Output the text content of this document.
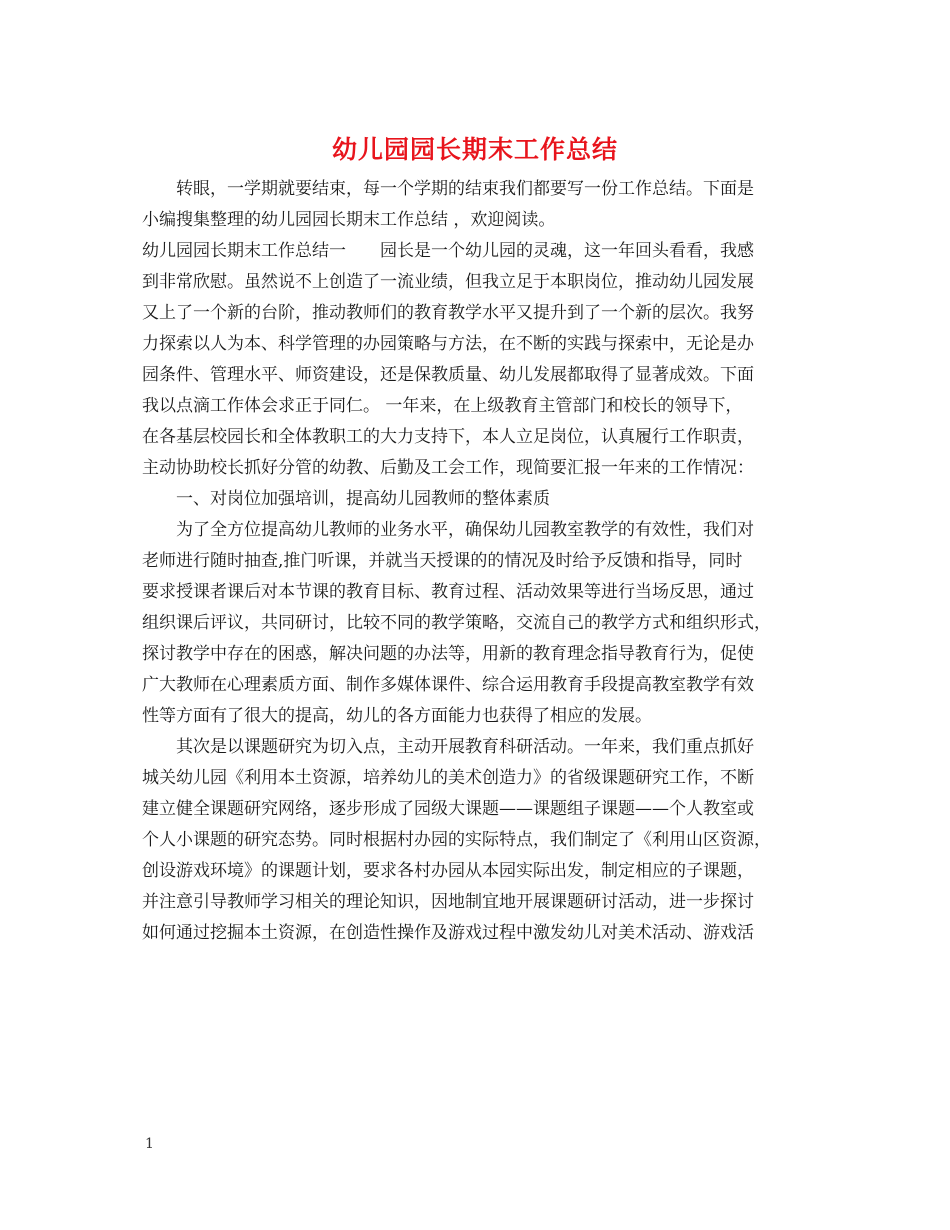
幼儿园园长期末工作总结
　　转眼，一学期就要结束，每一个学期的结束我们都要写一份工作总结。下面是
小编搜集整理的幼儿园园长期末工作总结 ，欢迎阅读。
幼儿园园长期末工作总结一　　园长是一个幼儿园的灵魂，这一年回头看看，我感
到非常欣慰。虽然说不上创造了一流业绩，但我立足于本职岗位，推动幼儿园发展
又上了一个新的台阶，推动教师们的教育教学水平又提升到了一个新的层次。我努
力探索以人为本、科学管理的办园策略与方法，在不断的实践与探索中，无论是办
园条件、管理水平、师资建设，还是保教质量、幼儿发展都取得了显著成效。下面
我以点滴工作体会求正于同仁。 一年来，在上级教育主管部门和校长的领导下，
在各基层校园长和全体教职工的大力支持下，本人立足岗位，认真履行工作职责，
主动协助校长抓好分管的幼教、后勤及工会工作，现简要汇报一年来的工作情况：
　　一、对岗位加强培训，提高幼儿园教师的整体素质
　　为了全方位提高幼儿教师的业务水平，确保幼儿园教室教学的有效性，我们对
老师进行随时抽查,推门听课，并就当天授课的的情况及时给予反馈和指导，同时
要求授课者课后对本节课的教育目标、教育过程、活动效果等进行当场反思，通过
组织课后评议，共同研讨，比较不同的教学策略，交流自己的教学方式和组织形式，
探讨教学中存在的困惑，解决问题的办法等，用新的教育理念指导教育行为，促使
广大教师在心理素质方面、制作多媒体课件、综合运用教育手段提高教室教学有效
性等方面有了很大的提高，幼儿的各方面能力也获得了相应的发展。
　　其次是以课题研究为切入点，主动开展教育科研活动。一年来，我们重点抓好
城关幼儿园《利用本土资源，培养幼儿的美术创造力》的省级课题研究工作，不断
建立健全课题研究网络，逐步形成了园级大课题——课题组子课题——个人教室或
个人小课题的研究态势。同时根据村办园的实际特点，我们制定了《利用山区资源，
创设游戏环境》的课题计划，要求各村办园从本园实际出发，制定相应的子课题，
并注意引导教师学习相关的理论知识，因地制宜地开展课题研讨活动，进一步探讨
如何通过挖掘本土资源，在创造性操作及游戏过程中激发幼儿对美术活动、游戏活
1
